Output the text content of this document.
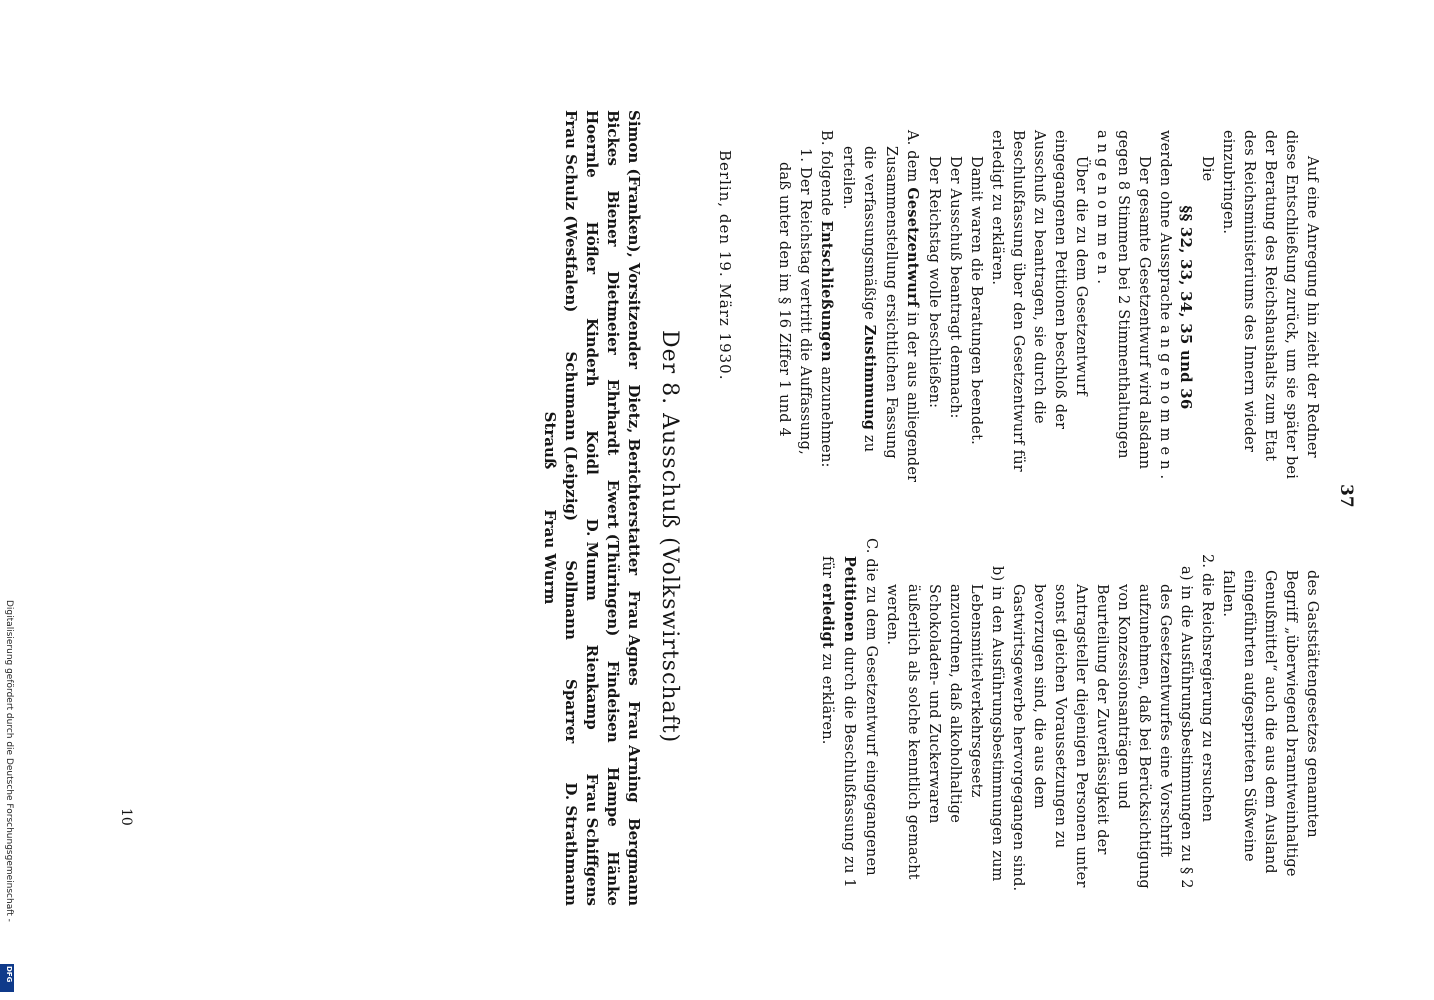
37

Auf eine Anregung hin zieht der Redner diese Entschließung zurück, um sie später bei der Beratung des Reichshaushalts zum Etat des Reichsministeriums des Innern wieder einzubringen.

Die

§§ 32, 33, 34, 35 und 36

werden ohne Aussprache angenommen.

Der gesamte Gesetzentwurf wird alsdann gegen 8 Stimmen bei 2 Stimmenthaltungen angenommen.

Über die zu dem Gesetzentwurf eingegangenen Petitionen beschloß der Ausschuß zu beantragen, sie durch die Beschlußfassung über den Gesetzentwurf für erledigt zu erklären.

Damit waren die Beratungen beendet.

Der Ausschuß beantragt demnach:

Der Reichstag wolle beschließen:

A. dem Gesetzentwurf in der aus anliegender Zusammenstellung ersichtlichen Fassung die verfassungsmäßige Zustimmung zu erteilen.

B. folgende Entschließungen anzunehmen:

1. Der Reichstag vertritt die Auffassung, daß unter den im § 16 Ziffer 1 und 4

des Gaststättengesetzes genannten Begriff „überwiegend branntweinhaltige Genußmittel“ auch die aus dem Ausland eingeführten aufgespriteten Süßweine fallen.

2. die Reichsregierung zu ersuchen

a) in die Ausführungsbestimmungen zu § 2 des Gesetzentwurfes eine Vorschrift aufzunehmen, daß bei Berücksichtigung von Konzessionsanträgen und Beurteilung der Zuverlässigkeit der Antragsteller diejenigen Personen unter sonst gleichen Voraussetzungen zu bevorzugen sind, die aus dem Gastwirtsgewerbe hervorgegangen sind.

b) in den Ausführungsbestimmungen zum Lebensmittelverkehrsgesetz anzuordnen, daß alkoholhaltige Schokoladen- und Zuckerwaren äußerlich als solche kenntlich gemacht werden.

C. die zu dem Gesetzentwurf eingegangenen Petitionen durch die Beschlußfassung zu 1 für erledigt zu erklären.

Berlin, den 19. März 1930.
Der 8. Ausschuß (Volkswirtschaft)
Simon (Franken), Vorsitzender
Dietz, Berichterstatter
Frau Agnes
Frau Arning
Bergmann
Bickes
Biener
Dietmeier
Ehrhardt
Ewert (Thüringen)
Findeisen
Hampe
Hänke
Hoernle
Höfler
Kinderh
Koidl
D. Mumm
Rienkamp
Frau Schiffgens
Frau Schulz (Westfalen)
Schumann (Leipzig)
Sollmann
Sparrer
D. Strathmann
Strauß
Frau Wurm
10
Digitalisierung gefördert durch die Deutsche Forschungsgemeinschaft -
DFG
